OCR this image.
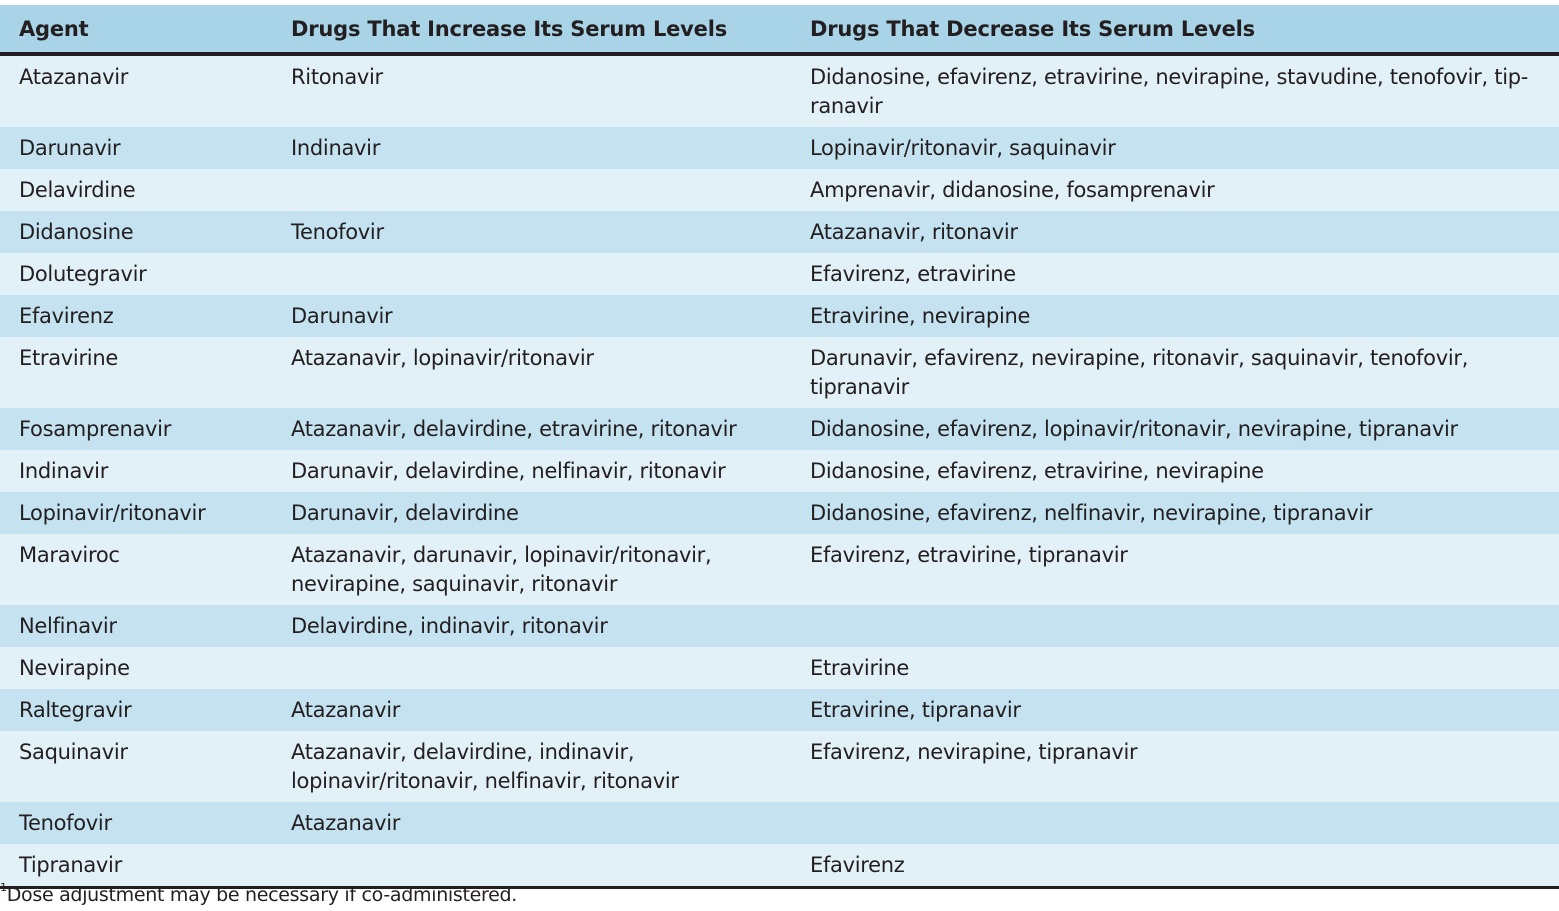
Agent	Drugs That Increase Its Serum Levels	Drugs That Decrease Its Serum Levels
Atazanavir	Ritonavir	Didanosine, efavirenz, etravirine, nevirapine, stavudine, tenofovir, tip-ranavir
Darunavir	Indinavir	Lopinavir/ritonavir, saquinavir
Delavirdine		Amprenavir, didanosine, fosamprenavir
Didanosine	Tenofovir	Atazanavir, ritonavir
Dolutegravir		Efavirenz, etravirine
Efavirenz	Darunavir	Etravirine, nevirapine
Etravirine	Atazanavir, lopinavir/ritonavir	Darunavir, efavirenz, nevirapine, ritonavir, saquinavir, tenofovir, tipranavir
Fosamprenavir	Atazanavir, delavirdine, etravirine, ritonavir	Didanosine, efavirenz, lopinavir/ritonavir, nevirapine, tipranavir
Indinavir	Darunavir, delavirdine, nelfinavir, ritonavir	Didanosine, efavirenz, etravirine, nevirapine
Lopinavir/ritonavir	Darunavir, delavirdine	Didanosine, efavirenz, nelfinavir, nevirapine, tipranavir
Maraviroc	Atazanavir, darunavir, lopinavir/ritonavir, nevirapine, saquinavir, ritonavir	Efavirenz, etravirine, tipranavir
Nelfinavir	Delavirdine, indinavir, ritonavir	
Nevirapine		Etravirine
Raltegravir	Atazanavir	Etravirine, tipranavir
Saquinavir	Atazanavir, delavirdine, indinavir, lopinavir/ritonavir, nelfinavir, ritonavir	Efavirenz, nevirapine, tipranavir
Tenofovir	Atazanavir	
Tipranavir		Efavirenz
$^1$Dose adjustment may be necessary if co-administered.
